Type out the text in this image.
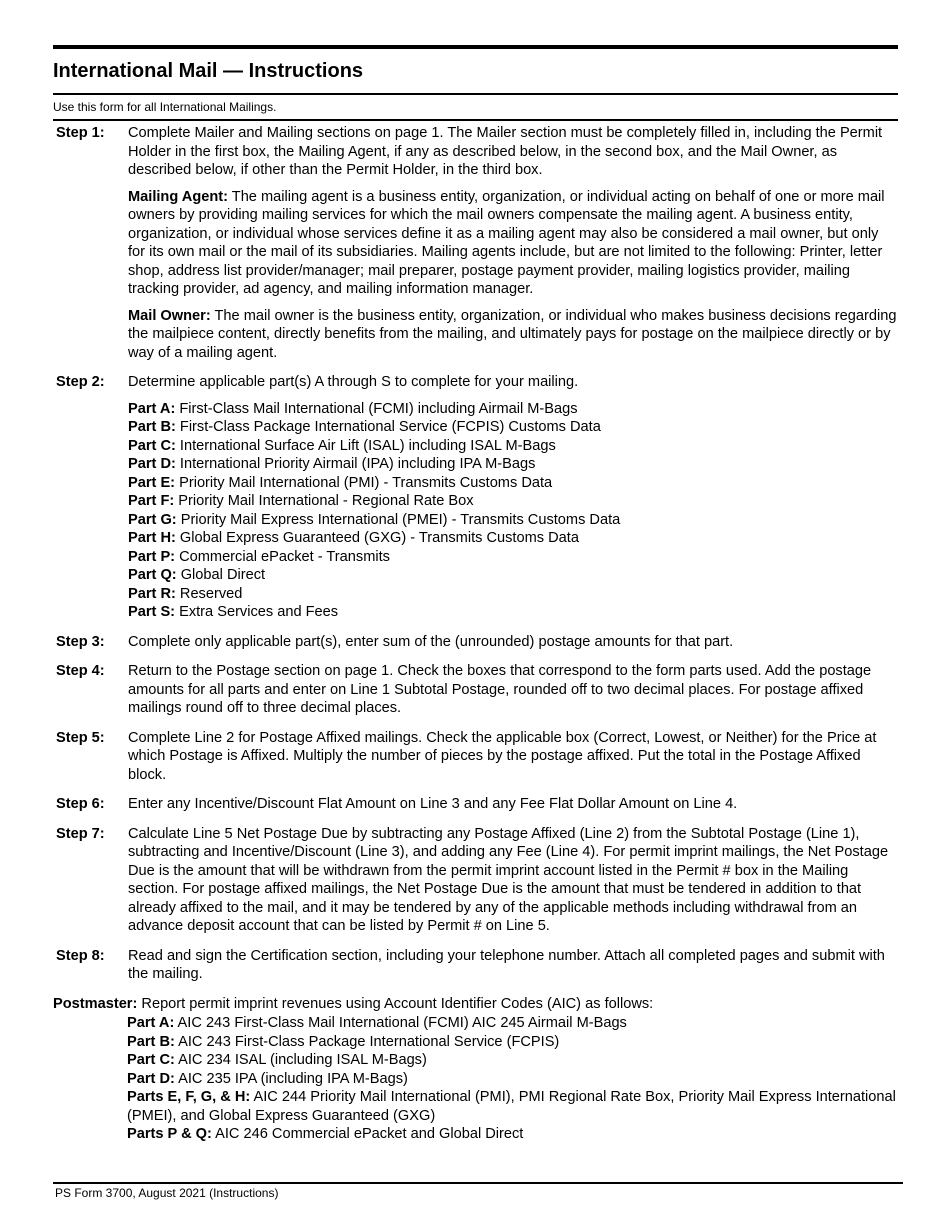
International Mail — Instructions
Use this form for all International Mailings.
Step 1:	Complete Mailer and Mailing sections on page 1. The Mailer section must be completely filled in, including the Permit Holder in the first box, the Mailing Agent, if any as described below, in the second box, and the Mail Owner, as described below, if other than the Permit Holder, in the third box.

Mailing Agent: The mailing agent is a business entity, organization, or individual acting on behalf of one or more mail owners by providing mailing services for which the mail owners compensate the mailing agent. A business entity, organization, or individual whose services define it as a mailing agent may also be considered a mail owner, but only for its own mail or the mail of its subsidiaries. Mailing agents include, but are not limited to the following: Printer, letter shop, address list provider/manager; mail preparer, postage payment provider, mailing logistics provider, mailing tracking provider, ad agency, and mailing information manager.

Mail Owner: The mail owner is the business entity, organization, or individual who makes business decisions regarding the mailpiece content, directly benefits from the mailing, and ultimately pays for postage on the mailpiece directly or by way of a mailing agent.

Step 2:	Determine applicable part(s) A through S to complete for your mailing.

Part A: First-Class Mail International (FCMI) including Airmail M-Bags
Part B: First-Class Package International Service (FCPIS) Customs Data
Part C: International Surface Air Lift (ISAL) including ISAL M-Bags
Part D: International Priority Airmail (IPA) including IPA M-Bags
Part E: Priority Mail International (PMI) - Transmits Customs Data
Part F: Priority Mail International - Regional Rate Box
Part G: Priority Mail Express International (PMEI) - Transmits Customs Data
Part H: Global Express Guaranteed (GXG) - Transmits Customs Data
Part P: Commercial ePacket - Transmits
Part Q: Global Direct
Part R: Reserved
Part S: Extra Services and Fees
Step 3:	Complete only applicable part(s), enter sum of the (unrounded) postage amounts for that part.

Step 4:	Return to the Postage section on page 1. Check the boxes that correspond to the form parts used. Add the postage amounts for all parts and enter on Line 1 Subtotal Postage, rounded off to two decimal places. For postage affixed mailings round off to three decimal places.

Step 5:	Complete Line 2 for Postage Affixed mailings. Check the applicable box (Correct, Lowest, or Neither) for the Price at which Postage is Affixed. Multiply the number of pieces by the postage affixed. Put the total in the Postage Affixed block.

Step 6:	Enter any Incentive/Discount Flat Amount on Line 3 and any Fee Flat Dollar Amount on Line 4.

Step 7:	Calculate Line 5 Net Postage Due by subtracting any Postage Affixed (Line 2) from the Subtotal Postage (Line 1), subtracting and Incentive/Discount (Line 3), and adding any Fee (Line 4). For permit imprint mailings, the Net Postage Due is the amount that will be withdrawn from the permit imprint account listed in the Permit # box in the Mailing section. For postage affixed mailings, the Net Postage Due is the amount that must be tendered in addition to that already affixed to the mail, and it may be tendered by any of the applicable methods including withdrawal from an advance deposit account that can be listed by Permit # on Line 5.

Step 8:	Read and sign the Certification section, including your telephone number. Attach all completed pages and submit with the mailing.

Postmaster: Report permit imprint revenues using Account Identifier Codes (AIC) as follows:
Part A: AIC 243 First-Class Mail International (FCMI) AIC 245 Airmail M-Bags
Part B: AIC 243 First-Class Package International Service (FCPIS)
Part C: AIC 234 ISAL (including ISAL M-Bags)
Part D: AIC 235 IPA (including IPA M-Bags)
Parts E, F, G, & H: AIC 244 Priority Mail International (PMI), PMI Regional Rate Box, Priority Mail Express International (PMEI), and Global Express Guaranteed (GXG)
Parts P & Q: AIC 246 Commercial ePacket and Global Direct
PS Form 3700, August 2021 (Instructions)
